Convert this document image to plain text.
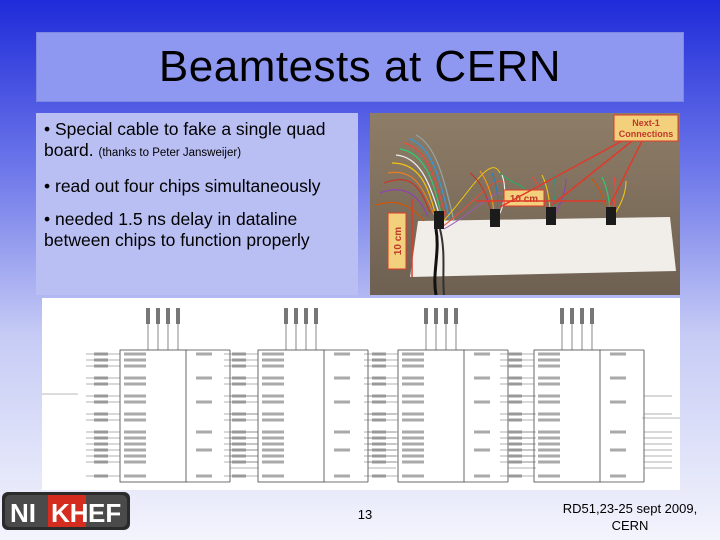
Beamtests at CERN
• Special cable to fake a single quad board. (thanks to Peter Jansweijer)
• read out four chips simultaneously
• needed 1.5 ns delay in dataline between chips to function properly	10 cm
10 cm
Next-1
Connections
NI KH EF	13	RD51,23-25 sept 2009,
CERN
